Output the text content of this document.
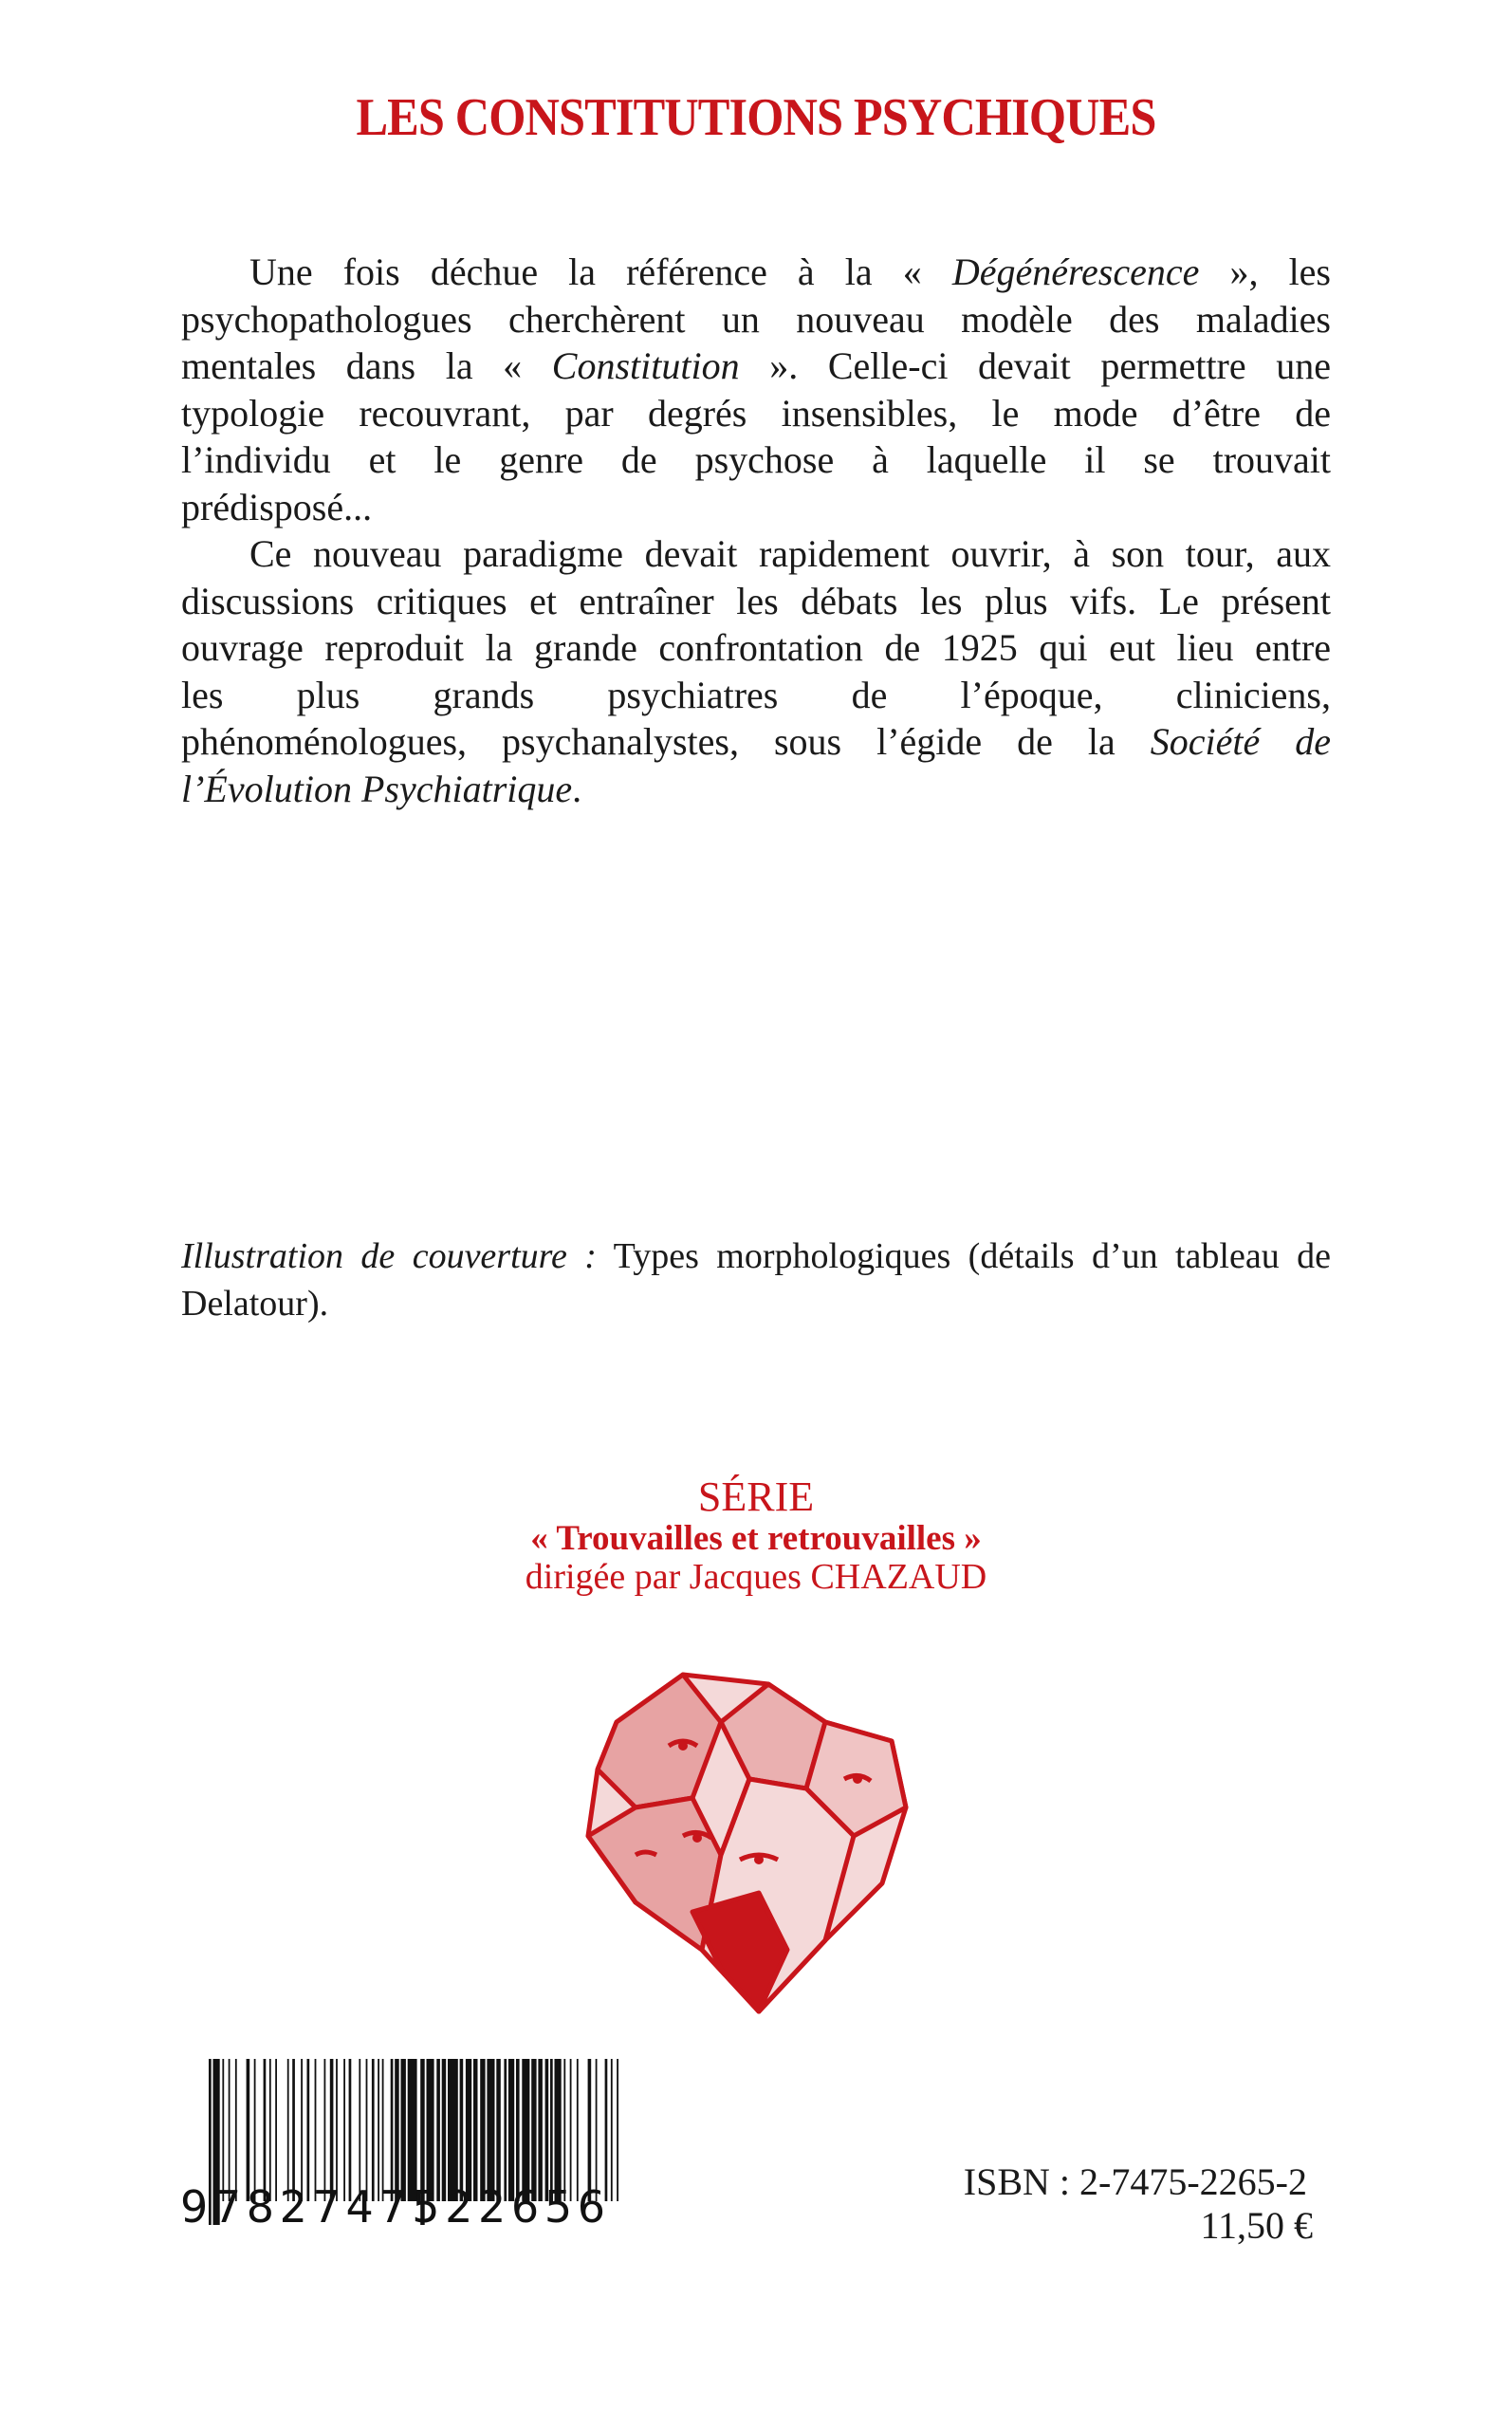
LES CONSTITUTIONS PSYCHIQUES
Une fois déchue la référence à la « Dégénérescence », les
psychopathologues cherchèrent un nouveau modèle des maladies
mentales dans la « Constitution ». Celle-ci devait permettre une
typologie recouvrant, par degrés insensibles, le mode d’être de
l’individu et le genre de psychose à laquelle il se trouvait
prédisposé...
Ce nouveau paradigme devait rapidement ouvrir, à son tour, aux
discussions critiques et entraîner les débats les plus vifs. Le présent
ouvrage reproduit la grande confrontation de 1925 qui eut lieu entre
les plus grands psychiatres de l’époque, cliniciens,
phénoménologues, psychanalystes, sous l’égide de la Société de
l’Évolution Psychiatrique.
Illustration de couverture : Types morphologiques (détails d’un tableau de
Delatour).
SÉRIE
« Trouvailles et retrouvailles »
dirigée par Jacques CHAZAUD
9782747522656	ISBN : 2-7475-2265-2
11,50 €
